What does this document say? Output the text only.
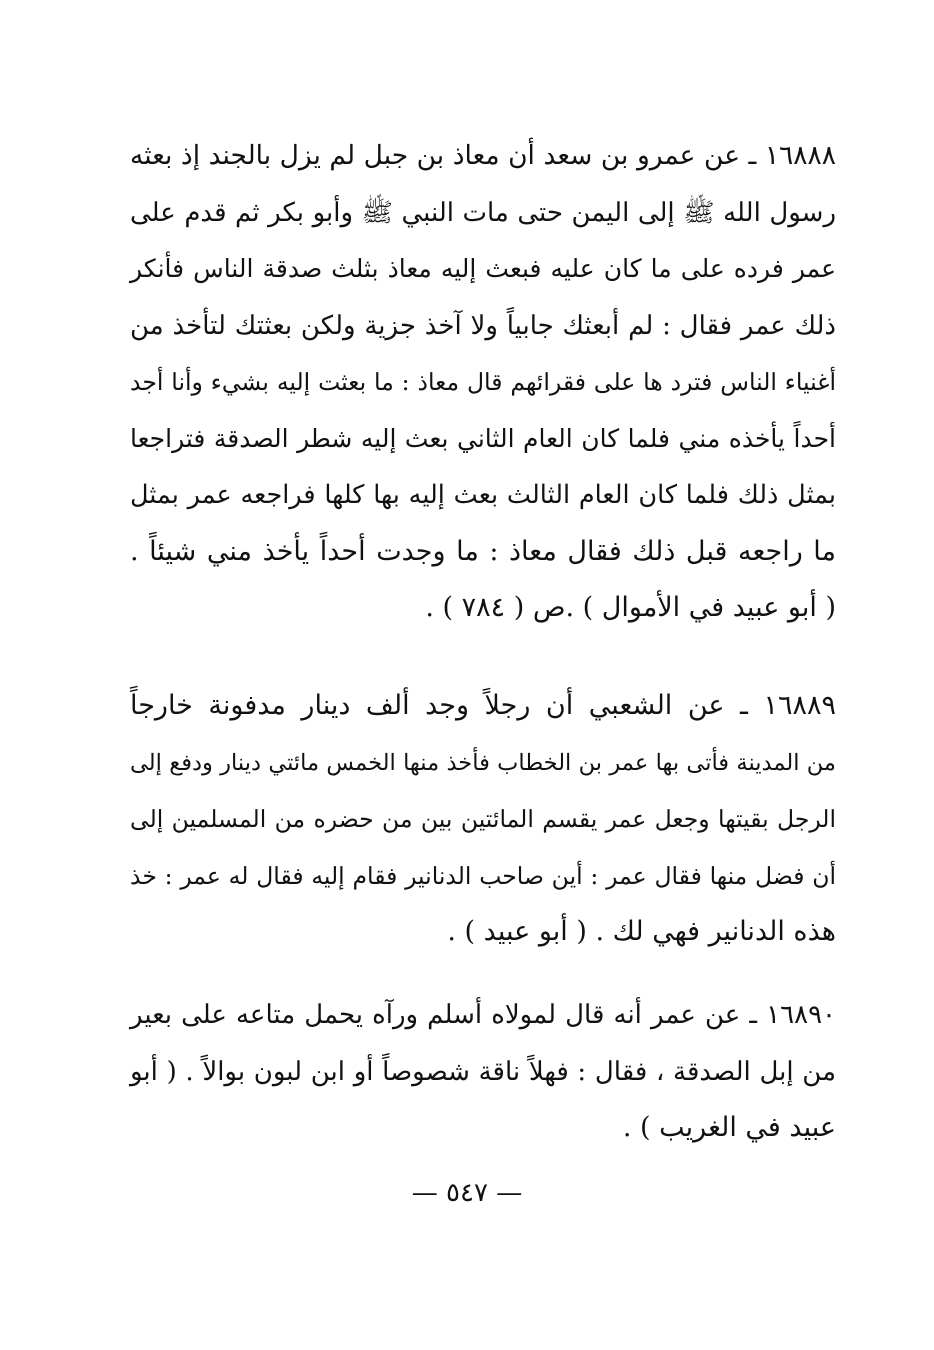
١٦٨٨٨ ـ عن عمرو بن سعد أن معاذ بن جبل لم يزل بالجند إذ بعثه
رسول الله ﷺ إلى اليمن حتى مات النبي ﷺ وأبو بكر ثم قدم على
عمر فرده على ما كان عليه فبعث إليه معاذ بثلث صدقة الناس فأنكر
ذلك عمر فقال : لم أبعثك جابياً ولا آخذ جزية ولكن بعثتك لتأخذ من
أغنياء الناس فترد ها على فقرائهم قال معاذ : ما بعثت إليه بشيء وأنا أجد
أحداً يأخذه مني فلما كان العام الثاني بعث إليه شطر الصدقة فتراجعا
بمثل ذلك فلما كان العام الثالث بعث إليه بها كلها فراجعه عمر بمثل
ما راجعه قبل ذلك فقال معاذ : ما وجدت أحداً يأخذ مني شيئاً .
( أبو عبيد في الأموال ) .ص ( ٧٨٤ ) .
١٦٨٨٩ ـ عن الشعبي أن رجلاً وجد ألف دينار مدفونة خارجاً
من المدينة فأتى بها عمر بن الخطاب فأخذ منها الخمس مائتي دينار ودفع إلى
الرجل بقيتها وجعل عمر يقسم المائتين بين من حضره من المسلمين إلى
أن فضل منها فقال عمر : أين صاحب الدنانير فقام إليه فقال له عمر : خذ
هذه الدنانير فهي لك . ( أبو عبيد ) .
١٦٨٩٠ ـ عن عمر أنه قال لمولاه أسلم ورآه يحمل متاعه على بعير
من إبل الصدقة ، فقال : فهلاً ناقة شصوصاً أو ابن لبون بوالاً . ( أبو
عبيد في الغريب ) .
— ٥٤٧ —
